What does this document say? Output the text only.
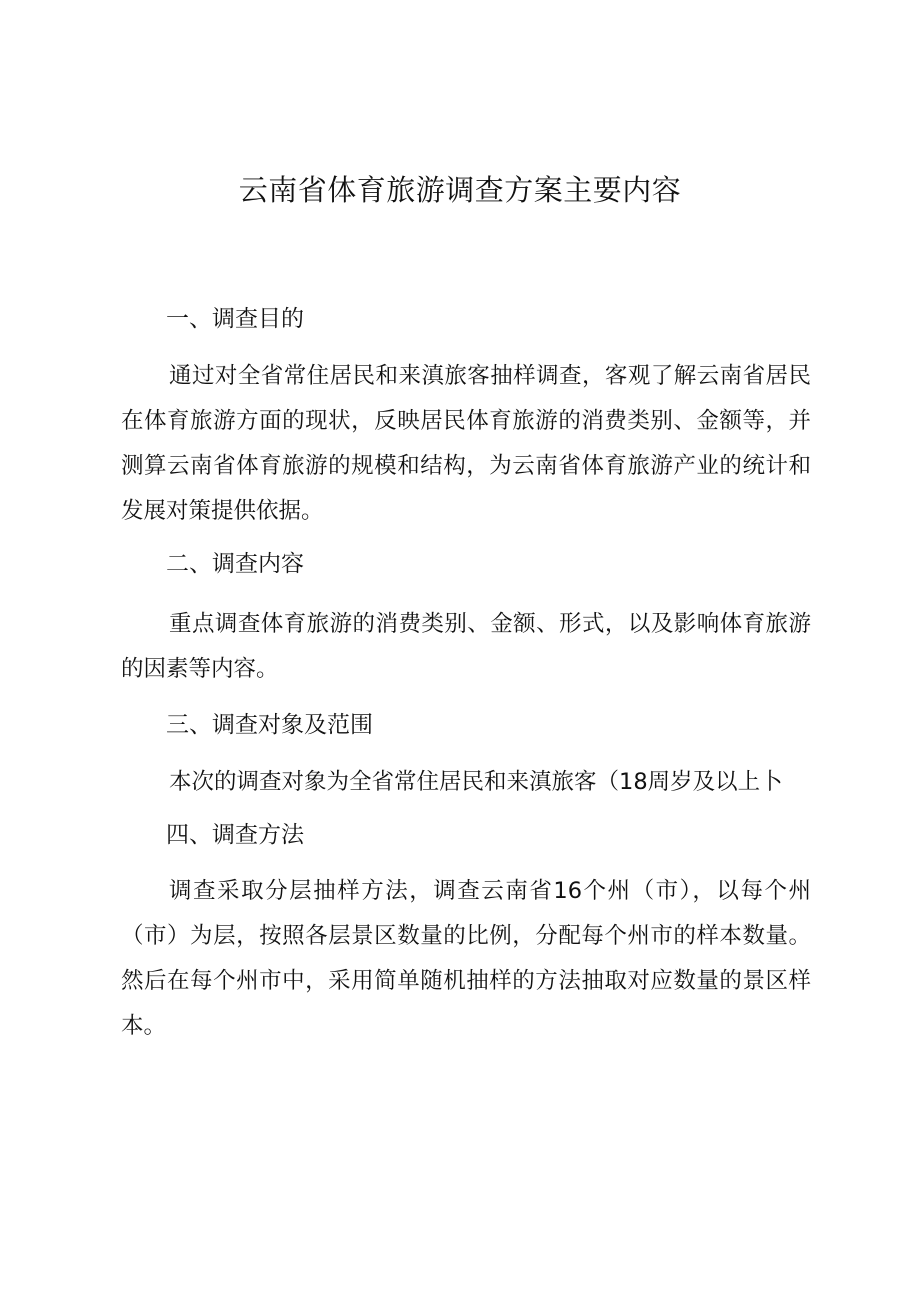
云南省体育旅游调查方案主要内容
一、调查目的

通过对全省常住居民和来滇旅客抽样调查，客观了解云南省居民在体育旅游方面的现状，反映居民体育旅游的消费类别、金额等，并测算云南省体育旅游的规模和结构，为云南省体育旅游产业的统计和发展对策提供依据。

二、调查内容

重点调查体育旅游的消费类别、金额、形式，以及影响体育旅游的因素等内容。

三、调查对象及范围

本次的调查对象为全省常住居民和来滇旅客（18周岁及以上卜

四、调查方法

调查采取分层抽样方法，调查云南省16个州（市），以每个州（市）为层，按照各层景区数量的比例，分配每个州市的样本数量。然后在每个州市中，采用简单随机抽样的方法抽取对应数量的景区样本。
